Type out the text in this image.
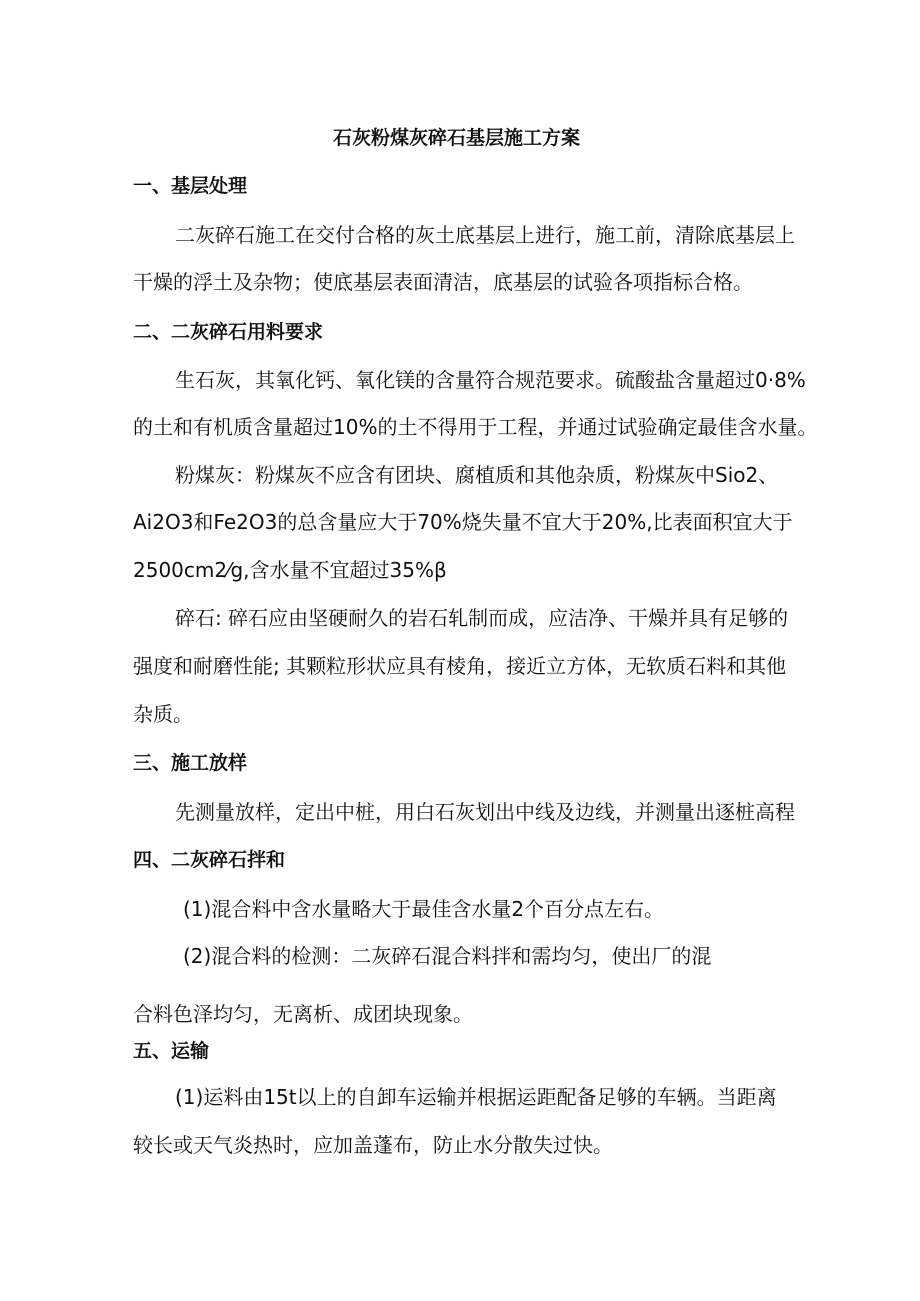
石灰粉煤灰碎石基层施工方案
一、基层处理
二灰碎石施工在交付合格的灰土底基层上进行，施工前，清除底基层上
干燥的浮土及杂物；使底基层表面清洁，底基层的试验各项指标合格。
二、二灰碎石用料要求
生石灰，其氧化钙、氧化镁的含量符合规范要求。硫酸盐含量超过0·8%
的土和有机质含量超过10%的土不得用于工程，并通过试验确定最佳含水量。
粉煤灰：粉煤灰不应含有团块、腐植质和其他杂质，粉煤灰中Sio2、
Ai2O3和Fe2O3的总含量应大于70%烧失量不宜大于20%,比表面积宜大于
2500cm2⁄g,含水量不宜超过35%β
碎石: 碎石应由坚硬耐久的岩石轧制而成，应洁净、干燥并具有足够的
强度和耐磨性能; 其颗粒形状应具有棱角，接近立方体，无软质石料和其他
杂质。
三、施工放样
先测量放样，定出中桩，用白石灰划出中线及边线，并测量出逐桩高程
四、二灰碎石拌和
(1)混合料中含水量略大于最佳含水量2个百分点左右。
(2)混合料的检测：二灰碎石混合料拌和需均匀，使出厂的混
合料色泽均匀，无离析、成团块现象。
五、运输
(1)运料由15t以上的自卸车运输并根据运距配备足够的车辆。当距离
较长或天气炎热时，应加盖蓬布，防止水分散失过快。
